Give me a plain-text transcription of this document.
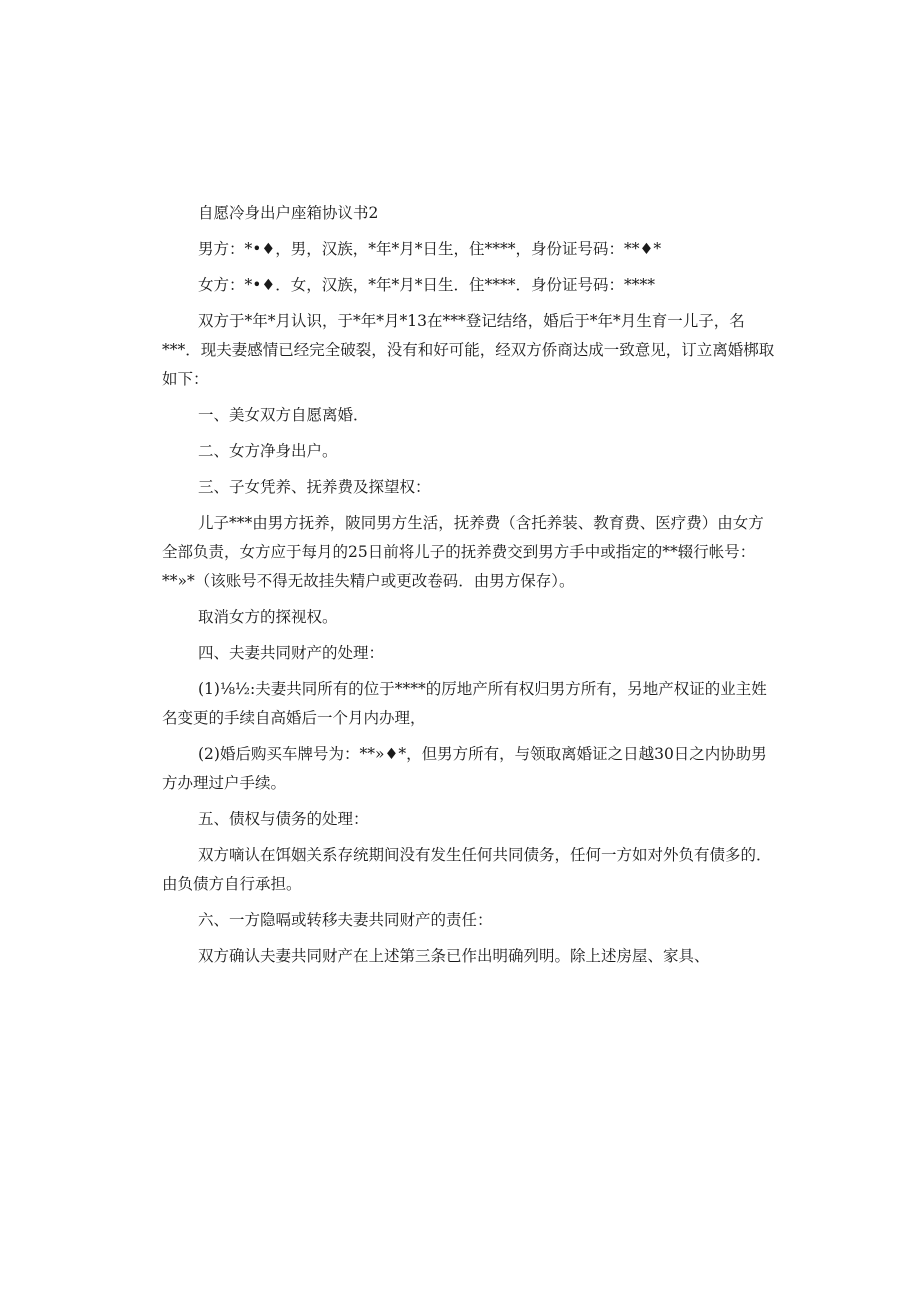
自愿冷身出户座箱协议书2

男方：*•♦，男，汉族，*年*月*日生，住****，身份证号码：**♦*

女方：*•♦．女，汉族，*年*月*日生．住****．身份证号码：****

双方于*年*月认识，于*年*月*13在***登记结络，婚后于*年*月生育一儿子，名

***．现夫妻感情已经完全破裂，没有和好可能，经双方侨商达成一致意见，订立离婚梆取

如下：

一、美女双方自愿离婚．

二、女方净身出户。

三、子女凭养、抚养费及探望权：

儿子***由男方抚养，陂同男方生活，抚养费（含托养装、教育费、医疗费）由女方

全部负责，女方应于每月的25日前将儿子的抚养费交到男方手中或指定的**辍行帐号：

**»*（该账号不得无故挂失精户或更改卷码．由男方保存）。

取消女方的探视权。

四、夫妻共同财产的处理：

(1)⅛½:夫妻共同所有的位于****的厉地产所有权归男方所有，另地产权证的业主姓

名变更的手续自高婚后一个月内办理，

(2)婚后购买车牌号为：**»♦*，但男方所有，与领取离婚证之日越30日之内协助男

方办理过户手续。

五、债权与债务的处理：

双方嘀认在饵姻关系存统期间没有发生任何共同债务，任何一方如对外负有债多的．

由负债方自行承担。

六、一方隐嗝或转移夫妻共同财产的责任：

双方确认夫妻共同财产在上述第三条已作出明确列明。除上述房屋、家具、
